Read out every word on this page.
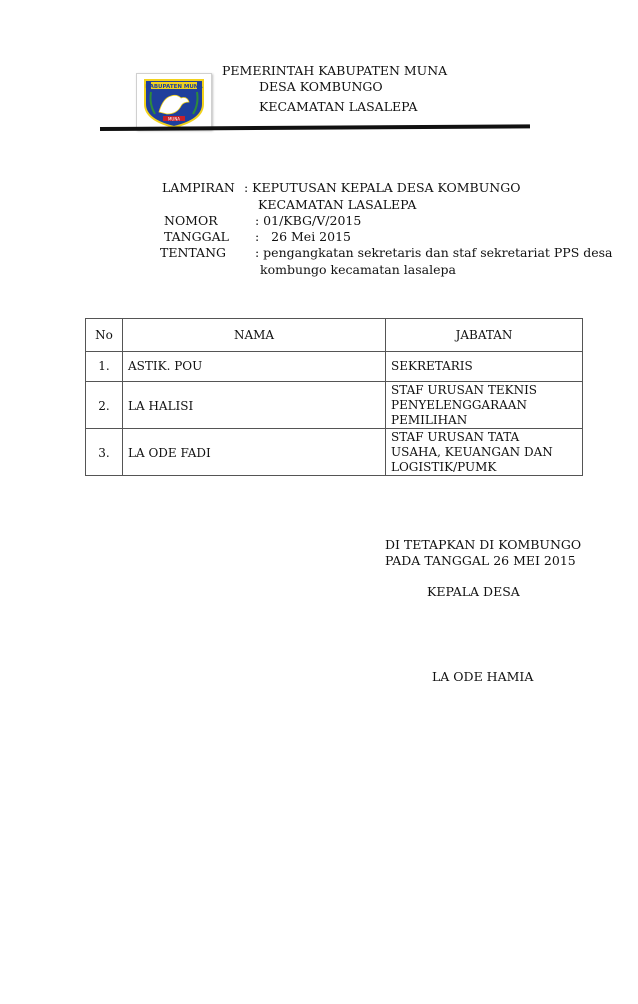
KABUPATEN MUNA
MUNA
PEMERINTAH KABUPATEN MUNA
DESA KOMBUNGO
KECAMATAN LASALEPA
LAMPIRAN : KEPUTUSAN KEPALA DESA KOMBUNGO
KECAMATAN LASALEPA
NOMOR	: 01/KBG/V/2015
TANGGAL :   26 Mei 2015
TENTANG : pengangkatan sekretaris dan staf sekretariat PPS desa
kombungo kecamatan lasalepa
No	NAMA	JABATAN
1.	ASTIK. POU	SEKRETARIS

2.	LA HALISI	STAF URUSAN TEKNIS
PENYELENGGARAAN
PEMILIHAN

3.	LA ODE FADI	STAF URUSAN TATA
USAHA, KEUANGAN DAN
LOGISTIK/PUMK
DI TETAPKAN DI KOMBUNGO
PADA TANGGAL 26 MEI 2015
KEPALA DESA
LA ODE HAMIA
